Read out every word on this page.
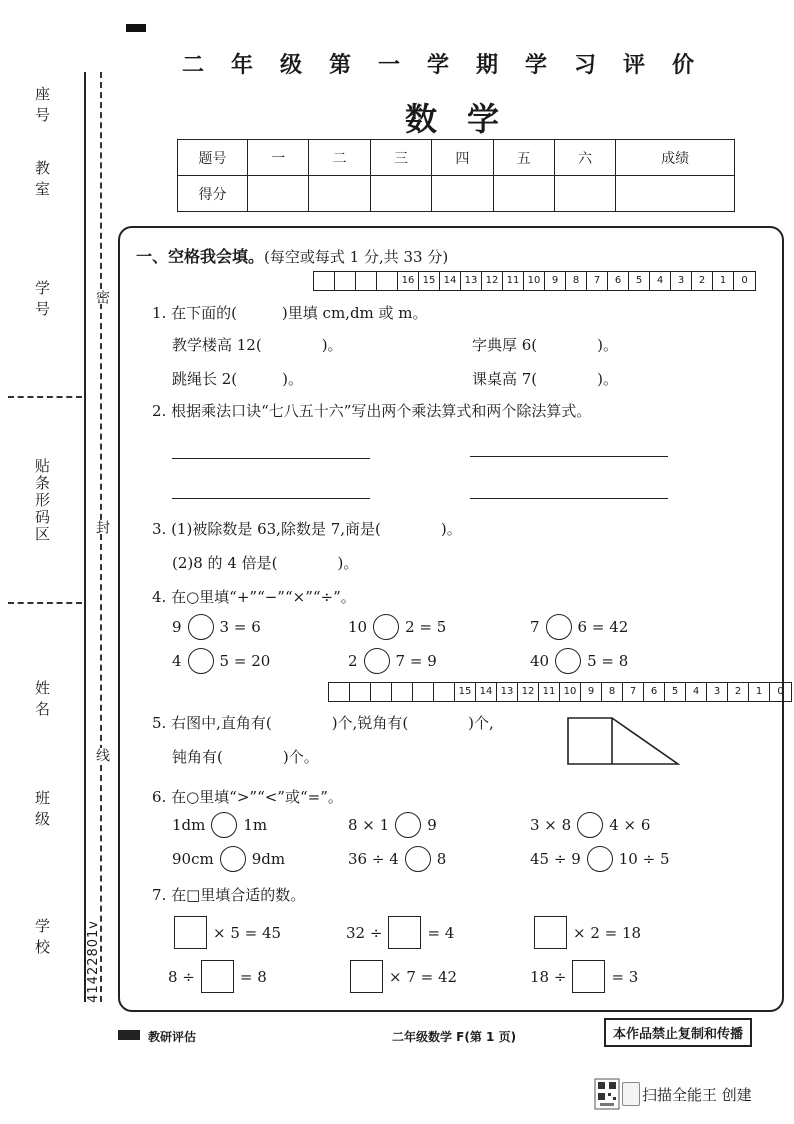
座号
教室
学号
贴条形码区
姓名
班级
学校
密
封
线
41422801v
二年级第一学期学习评价
数学
题号	一	二	三	四	五	六	成绩
得分							
一、空格我会填。(每空或每式 1 分,共 33 分)
16 15 14 13 12 11 10	9	8	7	6	5	4	3	2	1	0
1. 在下面的(　　　)里填 cm,dm 或 m。
教学楼高 12(　　　　)。	字典厚 6(　　　　)。
跳绳长 2(　　　)。	课桌高 7(　　　　)。
2. 根据乘法口诀“七八五十六”写出两个乘法算式和两个除法算式。
3. (1)被除数是 63,除数是 7,商是(　　　　)。
(2)8 的 4 倍是(　　　　)。
4. 在○里填“+”“−”“×”“÷”。
9	3 = 6	10	2 = 5	7	6 = 42
4	5 = 20	2	7 = 9	40	5 = 8
15 14 13 12 11 10	9	8	7	6	5	4	3	2	1	0
5. 右图中,直角有(　　　　)个,锐角有(　　　　)个,
钝角有(　　　　)个。
6. 在○里填“>”“<”或“=”。
1dm	1m	8 × 1	9	3 × 8	4 × 6
90cm	9dm	36 ÷ 4	8	45 ÷ 9	10 ÷ 5
7. 在□里填合适的数。
× 5 = 45	32 ÷	= 4	× 2 = 18
8 ÷	= 8	× 7 = 42	18 ÷	= 3
教研评估	二年级数学 F(第 1 页)	本作品禁止复制和传播
扫描全能王 创建
